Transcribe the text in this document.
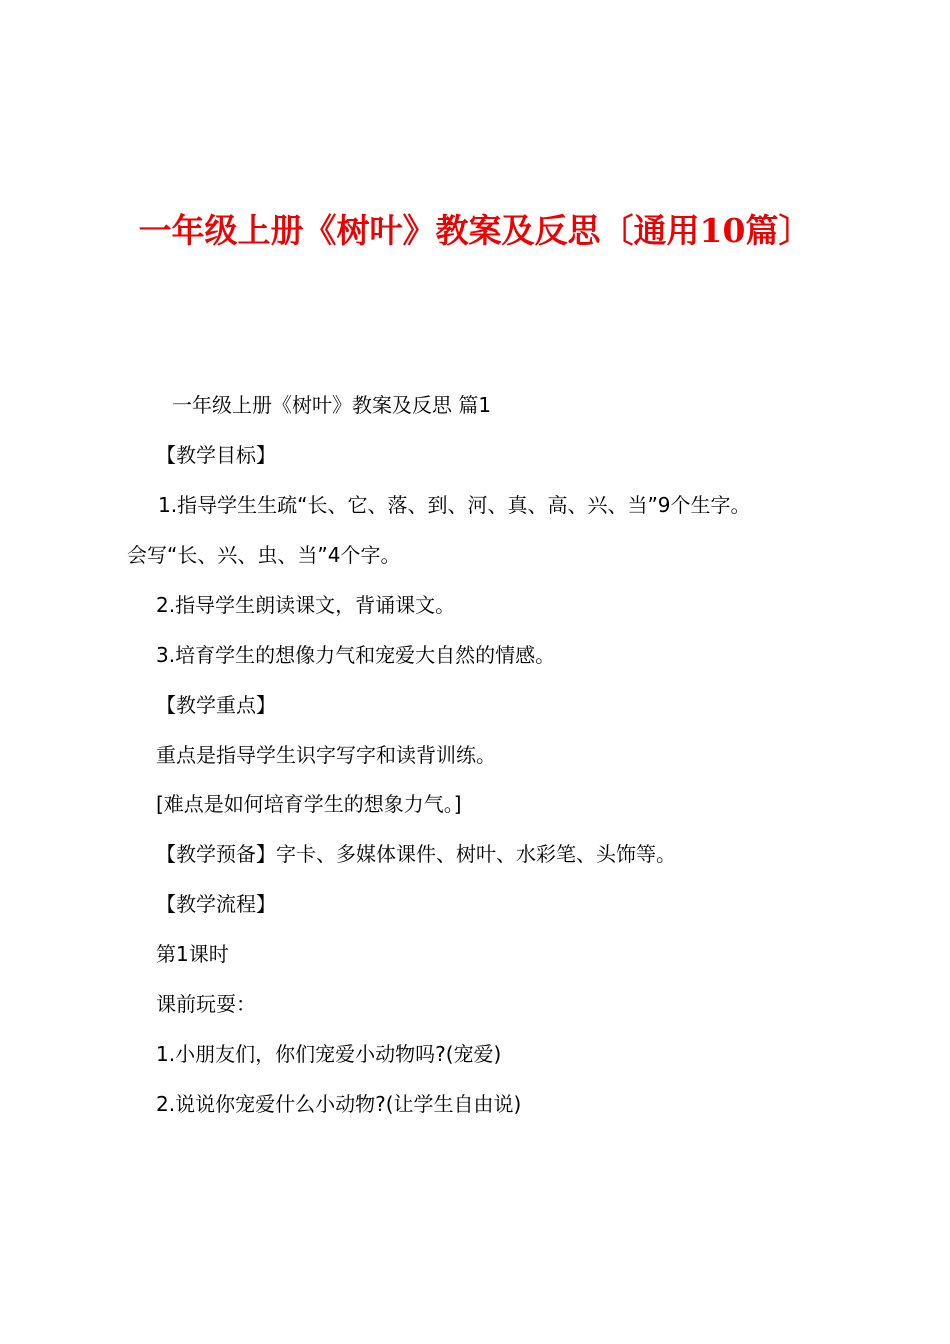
一年级上册《树叶》教案及反思〔通用10篇〕
一年级上册《树叶》教案及反思 篇1
【教学目标】
1.指导学生生疏“长、它、落、到、河、真、高、兴、当”9个生字。
会写“长、兴、虫、当”4个字。
2.指导学生朗读课文，背诵课文。
3.培育学生的想像力气和宠爱大自然的情感。
【教学重点】
重点是指导学生识字写字和读背训练。
[难点是如何培育学生的想象力气。]
【教学预备】字卡、多媒体课件、树叶、水彩笔、头饰等。
【教学流程】
第1课时
课前玩耍：
1.小朋友们，你们宠爱小动物吗?(宠爱)
2.说说你宠爱什么小动物?(让学生自由说)
